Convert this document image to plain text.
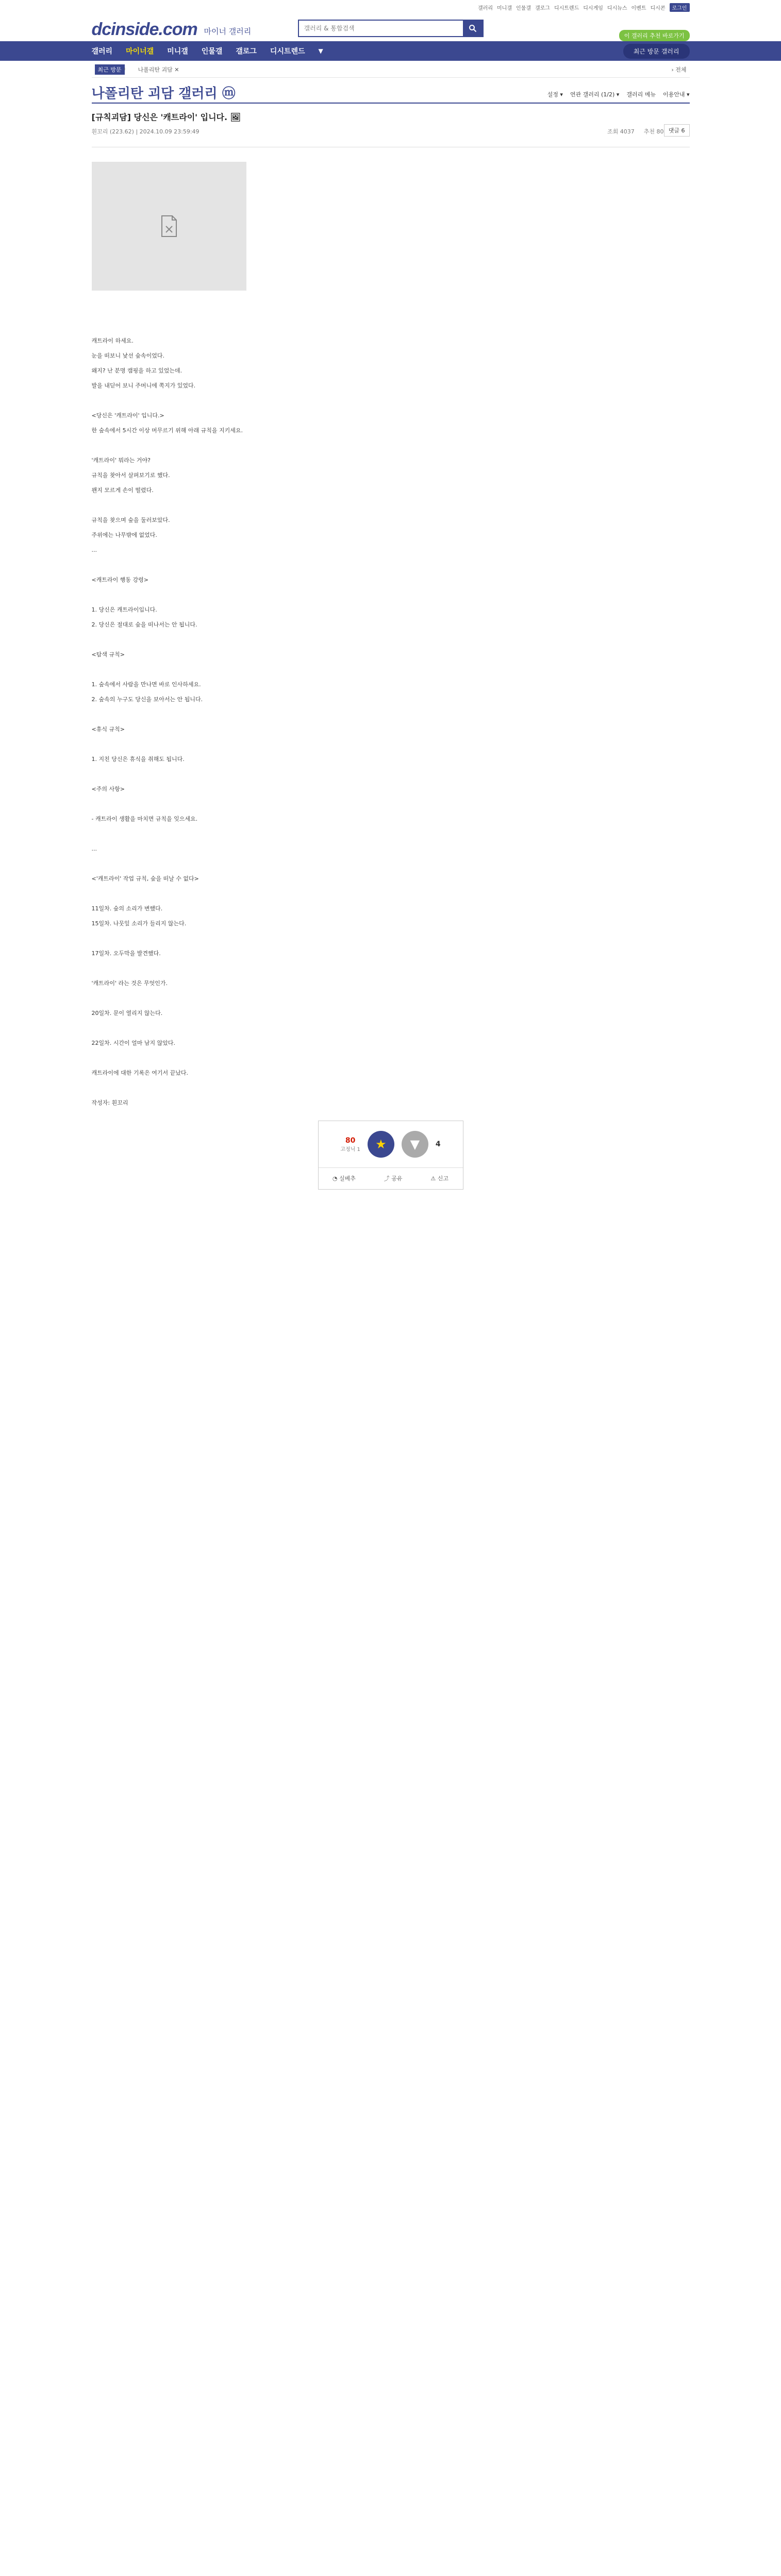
갤러리 미니갤 인물갤 갤로그 디시트렌드 디시게임 디시뉴스 이벤트 디시콘	로그인
dcinside.com 마이너 갤러리
갤러리 & 통합검색	이 갤러리 추천 바로가기
갤러리 마이너갤 미니갤 인물갤 갤로그 디시트렌드 ▼	최근 방문 갤러리
최근 방문 ‹ 나폴리탄 괴담 ✕	› 전체
나폴리탄 괴담 갤러리 ⓜ	설정 ▾ 연관 갤러리 (1/2) ▾ 갤러리 메뉴 이용안내 ▾
[규칙괴담] 당신은 '캐트라이' 입니다. 🖼
흰꼬리 (223.62) | 2024.10.09 23:59:49	조회 4037 추천 80 댓글 6

캐트라이 하세요.

눈을 떠보니 낯선 숲속이었다.

왜지? 난 분명 캠핑을 하고 있었는데.

발을 내딛어 보니 주머니에 쪽지가 있었다.

<당신은 '캐트라이' 입니다.>

한 숲속에서 5시간 이상 머무르기 위해 아래 규칙을 지키세요.

'캐트라이' 뭐라는 거야?

규칙을 찾아서 살펴보기로 했다.

왠지 모르게 손이 떨렸다.

규칙을 찾으며 숲을 둘러보았다.

주위에는 나무밖에 없었다.

...

<캐트라이 행동 강령>

1. 당신은 캐트라이입니다.

2. 당신은 절대로 숲을 떠나서는 안 됩니다.

<탐색 규칙>

1. 숲속에서 사람을 만나면 바로 인사하세요.

2. 숲속의 누구도 당신을 보아서는 안 됩니다.

<휴식 규칙>

1. 지친 당신은 휴식을 취해도 됩니다.

<주의 사항>

- 캐트라이 생활을 마치면 규칙을 잊으세요.

...

<'캐트라이' 작업 규칙, 숲을 떠날 수 없다>

11일차. 숲의 소리가 변했다.

15일차. 나뭇잎 소리가 들리지 않는다.

17일차. 오두막을 발견했다.

'캐트라이' 라는 것은 무엇인가.

20일차. 문이 열리지 않는다.

22일차. 시간이 얼마 남지 않았다.

캐트라이에 대한 기록은 여기서 끝났다.

작성자: 흰꼬리

80
고정닉 1 ★ ▼ 4
◔ 실베추	⤴ 공유	⚠ 신고
